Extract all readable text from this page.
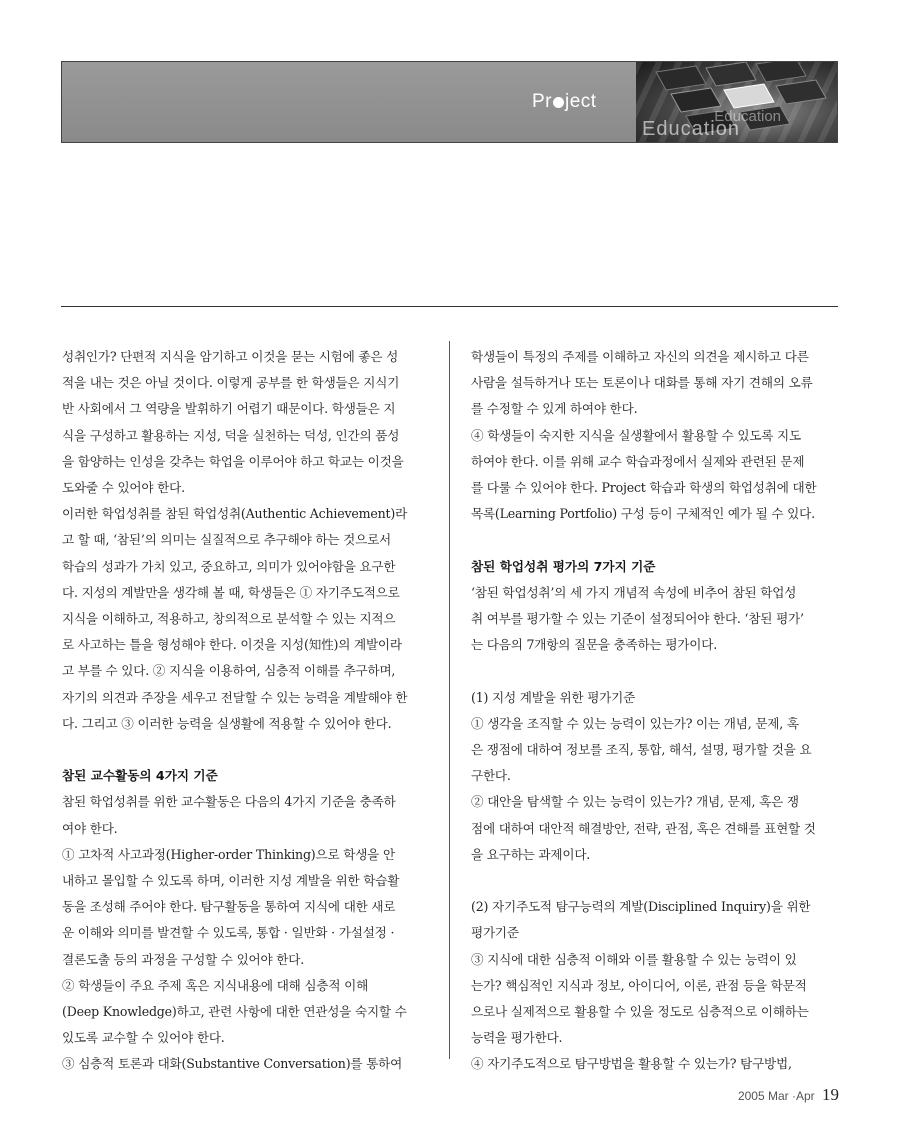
Pr ject
Education
Education

성취인가? 단편적 지식을 암기하고 이것을 묻는 시험에 좋은 성
적을 내는 것은 아닐 것이다. 이렇게 공부를 한 학생들은 지식기
반 사회에서 그 역량을 발휘하기 어렵기 때문이다. 학생들은 지
식을 구성하고 활용하는 지성, 덕을 실천하는 덕성, 인간의 품성
을 함양하는 인성을 갖추는 학업을 이루어야 하고 학교는 이것을
도와줄 수 있어야 한다.

이러한 학업성취를 참된 학업성취(Authentic Achievement)라
고 할 때, ‘참된’의 의미는 실질적으로 추구해야 하는 것으로서
학습의 성과가 가치 있고, 중요하고, 의미가 있어야함을 요구한
다. 지성의 계발만을 생각해 볼 때, 학생들은 ① 자기주도적으로
지식을 이해하고, 적용하고, 창의적으로 분석할 수 있는 지적으
로 사고하는 틀을 형성해야 한다. 이것을 지성(知性)의 계발이라
고 부를 수 있다. ② 지식을 이용하여, 심층적 이해를 추구하며,
자기의 의견과 주장을 세우고 전달할 수 있는 능력을 계발해야 한
다. 그리고 ③ 이러한 능력을 실생활에 적용할 수 있어야 한다.

참된 교수활동의 4가지 기준

참된 학업성취를 위한 교수활동은 다음의 4가지 기준을 충족하
여야 한다.

① 고차적 사고과정(Higher-order Thinking)으로 학생을 안
내하고 몰입할 수 있도록 하며, 이러한 지성 계발을 위한 학습활
동을 조성해 주어야 한다. 탐구활동을 통하여 지식에 대한 새로
운 이해와 의미를 발견할 수 있도록, 통합 · 일반화 · 가설설정 ·
결론도출 등의 과정을 구성할 수 있어야 한다.

② 학생들이 주요 주제 혹은 지식내용에 대해 심층적 이해
(Deep Knowledge)하고, 관련 사항에 대한 연관성을 숙지할 수
있도록 교수할 수 있어야 한다.

③ 심층적 토론과 대화(Substantive Conversation)를 통하여

학생들이 특정의 주제를 이해하고 자신의 의견을 제시하고 다른
사람을 설득하거나 또는 토론이나 대화를 통해 자기 견해의 오류
를 수정할 수 있게 하여야 한다.

④ 학생들이 숙지한 지식을 실생활에서 활용할 수 있도록 지도
하여야 한다. 이를 위해 교수 학습과정에서 실제와 관련된 문제
를 다룰 수 있어야 한다. Project 학습과 학생의 학업성취에 대한
목록(Learning Portfolio) 구성 등이 구체적인 예가 될 수 있다.

참된 학업성취 평가의 7가지 기준

‘참된 학업성취’의 세 가지 개념적 속성에 비추어 참된 학업성
취 여부를 평가할 수 있는 기준이 설정되어야 한다. ‘참된 평가’
는 다음의 7개항의 질문을 충족하는 평가이다.

(1) 지성 계발을 위한 평가기준

① 생각을 조직할 수 있는 능력이 있는가? 이는 개념, 문제, 혹
은 쟁점에 대하여 정보를 조직, 통합, 해석, 설명, 평가할 것을 요
구한다.

② 대안을 탐색할 수 있는 능력이 있는가? 개념, 문제, 혹은 쟁
점에 대하여 대안적 해결방안, 전략, 관점, 혹은 견해를 표현할 것
을 요구하는 과제이다.

(2) 자기주도적 탐구능력의 계발(Disciplined Inquiry)을 위한
평가기준

③ 지식에 대한 심층적 이해와 이를 활용할 수 있는 능력이 있
는가? 핵심적인 지식과 정보, 아이디어, 이론, 관점 등을 학문적
으로나 실제적으로 활용할 수 있을 정도로 심층적으로 이해하는
능력을 평가한다.

④ 자기주도적으로 탐구방법을 활용할 수 있는가? 탐구방법,

2005 Mar ·Apr 19
